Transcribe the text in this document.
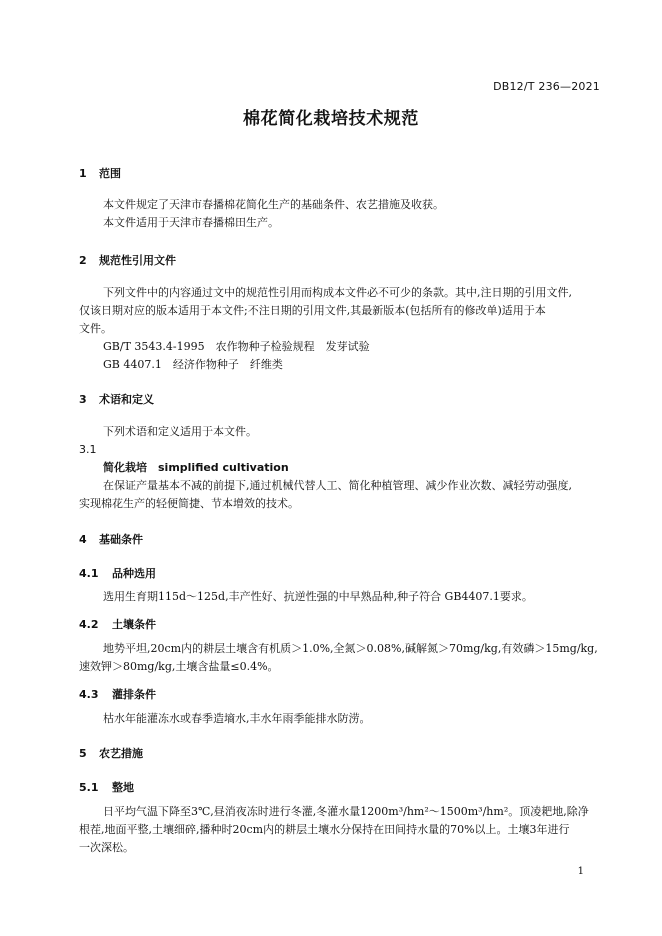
DB12/T 236—2021
棉花简化栽培技术规范
1 范围
本文件规定了天津市春播棉花简化生产的基础条件、农艺措施及收获。
本文件适用于天津市春播棉田生产。
2 规范性引用文件
下列文件中的内容通过文中的规范性引用而构成本文件必不可少的条款。其中,注日期的引用文件,
仅该日期对应的版本适用于本文件;不注日期的引用文件,其最新版本(包括所有的修改单)适用于本
文件。
GB/T 3543.4-1995　农作物种子检验规程　发芽试验
GB 4407.1　经济作物种子　纤维类
3 术语和定义
下列术语和定义适用于本文件。
3.1
简化栽培　simplified cultivation
在保证产量基本不减的前提下,通过机械代替人工、简化种植管理、减少作业次数、减轻劳动强度,
实现棉花生产的轻便简捷、节本增效的技术。
4 基础条件
4.1 品种选用
选用生育期115d～125d,丰产性好、抗逆性强的中早熟品种,种子符合 GB4407.1要求。
4.2 土壤条件
地势平坦,20cm内的耕层土壤含有机质＞1.0%,全氮＞0.08%,碱解氮＞70mg/kg,有效磷＞15mg/kg,
速效钾＞80mg/kg,土壤含盐量≤0.4%。
4.3 灌排条件
枯水年能灌冻水或春季造墒水,丰水年雨季能排水防涝。
5 农艺措施
5.1 整地
日平均气温下降至3℃,昼消夜冻时进行冬灌,冬灌水量1200m³/hm²～1500m³/hm²。顶凌耙地,除净
根茬,地面平整,土壤细碎,播种时20cm内的耕层土壤水分保持在田间持水量的70%以上。土壤3年进行
一次深松。
1
